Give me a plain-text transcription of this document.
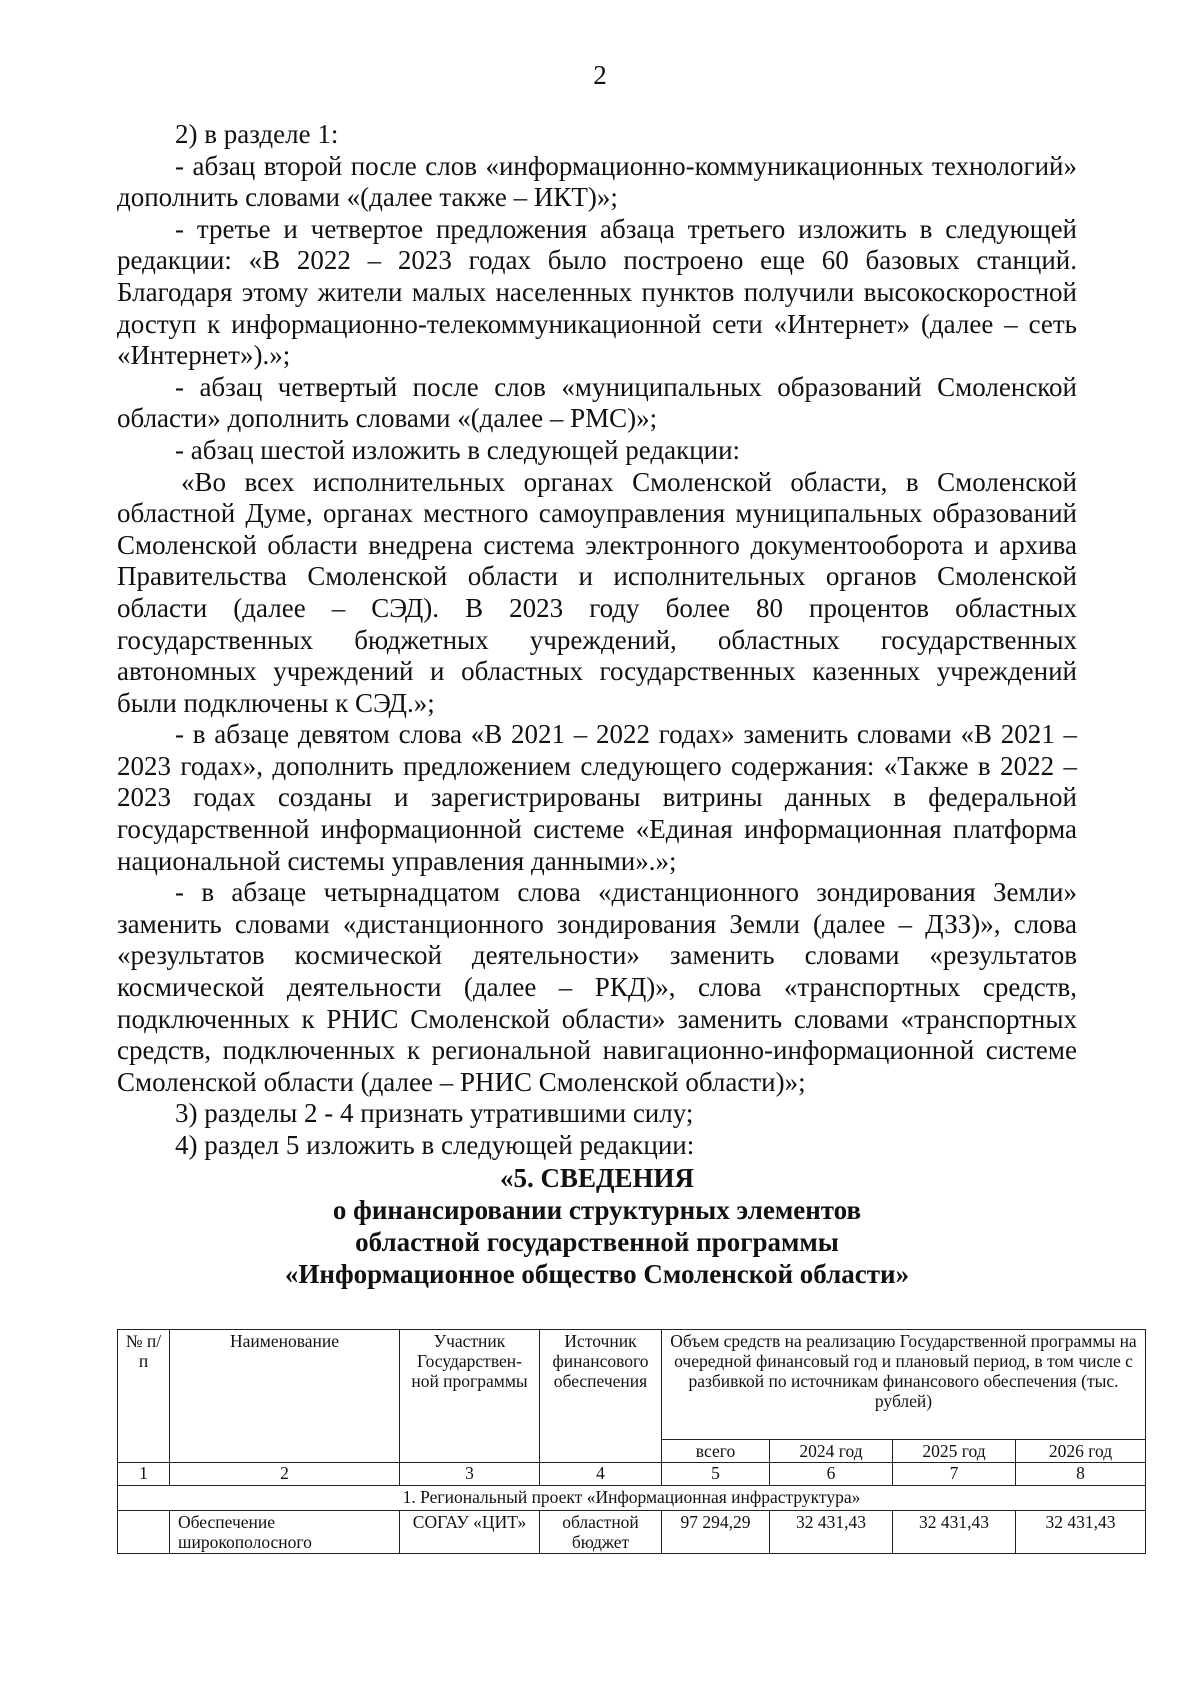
2

2) в разделе 1:

- абзац второй после слов «информационно-коммуникационных технологий» дополнить словами «(далее также – ИКТ)»;

- третье и четвертое предложения абзаца третьего изложить в следующей редакции: «В 2022 – 2023 годах было построено еще 60 базовых станций. Благодаря этому жители малых населенных пунктов получили высокоскоростной доступ к информационно-телекоммуникационной сети «Интернет» (далее – сеть «Интернет»).»;

- абзац четвертый после слов «муниципальных образований Смоленской области» дополнить словами «(далее – РМС)»;

- абзац шестой изложить в следующей редакции:

«Во всех исполнительных органах Смоленской области, в Смоленской областной Думе, органах местного самоуправления муниципальных образований Смоленской области внедрена система электронного документооборота и архива Правительства Смоленской области и исполнительных органов Смоленской области (далее – СЭД). В 2023 году более 80 процентов областных государственных бюджетных учреждений, областных государственных автономных учреждений и областных государственных казенных учреждений были подключены к СЭД.»;

- в абзаце девятом слова «В 2021 – 2022 годах» заменить словами «В 2021 – 2023 годах», дополнить предложением следующего содержания: «Также в 2022 – 2023 годах созданы и зарегистрированы витрины данных в федеральной государственной информационной системе «Единая информационная платформа национальной системы управления данными».»;

- в абзаце четырнадцатом слова «дистанционного зондирования Земли» заменить словами «дистанционного зондирования Земли (далее – ДЗЗ)», слова «результатов космической деятельности» заменить словами «результатов космической деятельности (далее – РКД)», слова «транспортных средств, подключенных к РНИС Смоленской области» заменить словами «транспортных средств, подключенных к региональной навигационно-информационной системе Смоленской области (далее – РНИС Смоленской области)»;

3) разделы 2 - 4 признать утратившими силу;

4) раздел 5 изложить в следующей редакции:

«5. СВЕДЕНИЯ
о финансировании структурных элементов
областной государственной программы
«Информационное общество Смоленской области»
№ п/п	Наименование	Участник Государствен-ной программы	Источник финансового обеспечения	Объем средств на реализацию Государственной программы на очередной финансовый год и плановый период, в том числе с разбивкой по источникам финансового обеспечения (тыс. рублей)			
				всего	2024 год	2025 год	2026 год
1	2	3	4	5	6	7	8
1. Региональный проект «Информационная инфраструктура»							
	Обеспечение широкополосного	СОГАУ «ЦИТ»	областной бюджет	97 294,29	32 431,43	32 431,43	32 431,43
